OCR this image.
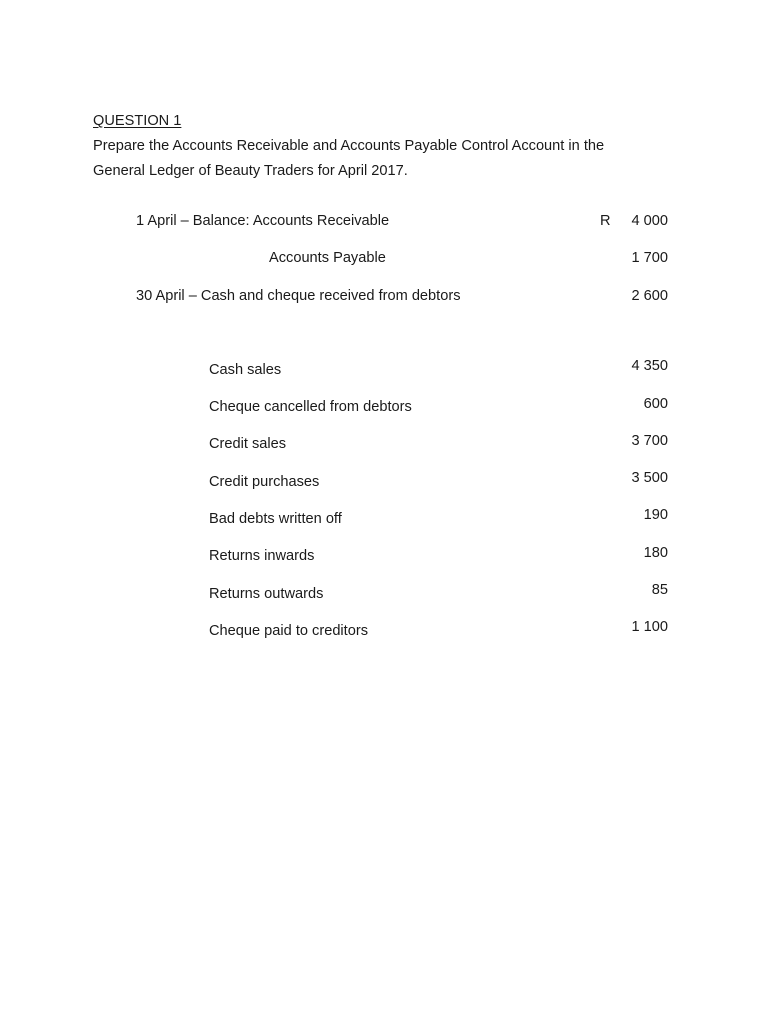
QUESTION 1
Prepare the Accounts Receivable and Accounts Payable Control Account in the
General Ledger of Beauty Traders for April 2017.
1 April – Balance: Accounts Receivable	R	4 000
Accounts Payable	1 700
30 April – Cash and cheque received from debtors	2 600
Cash sales	4 350
Cheque cancelled from debtors	600
Credit sales	3 700
Credit purchases	3 500
Bad debts written off	190
Returns inwards	180
Returns outwards	85
Cheque paid to creditors	1 100
